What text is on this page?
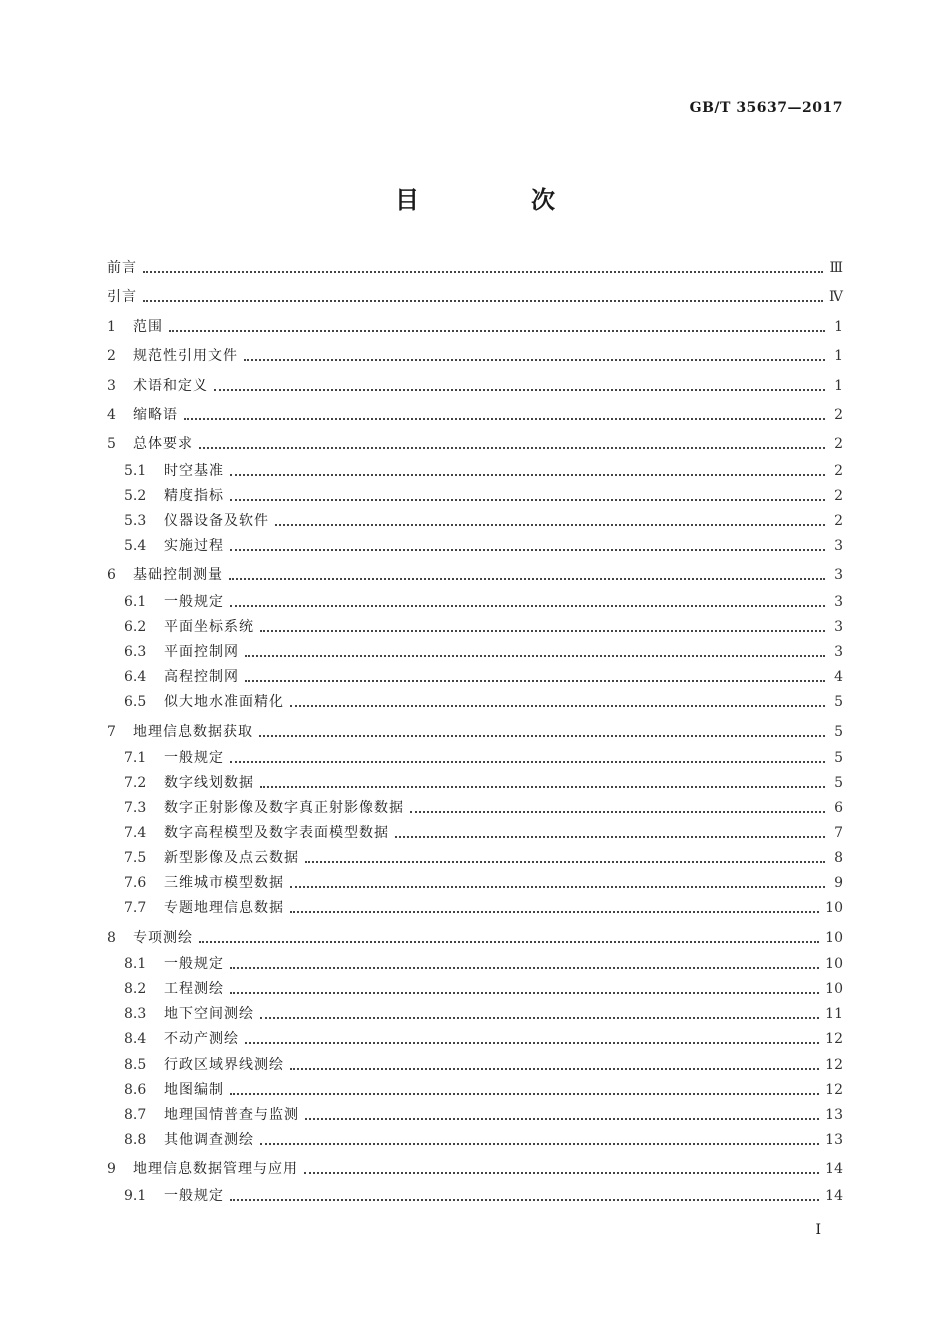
GB/T 35637—2017
目　次
前言	Ⅲ
引言	Ⅳ
1	范围	1
2	规范性引用文件	1
3	术语和定义	1
4	缩略语	2
5	总体要求	2
5.1	时空基准	2
5.2	精度指标	2
5.3	仪器设备及软件	2
5.4	实施过程	3
6	基础控制测量	3
6.1	一般规定	3
6.2	平面坐标系统	3
6.3	平面控制网	3
6.4	高程控制网	4
6.5	似大地水准面精化	5
7	地理信息数据获取	5
7.1	一般规定	5
7.2	数字线划数据	5
7.3	数字正射影像及数字真正射影像数据	6
7.4	数字高程模型及数字表面模型数据	7
7.5	新型影像及点云数据	8
7.6	三维城市模型数据	9
7.7	专题地理信息数据	10
8	专项测绘	10
8.1	一般规定	10
8.2	工程测绘	10
8.3	地下空间测绘	11
8.4	不动产测绘	12
8.5	行政区域界线测绘	12
8.6	地图编制	12
8.7	地理国情普查与监测	13
8.8	其他调查测绘	13
9	地理信息数据管理与应用	14
9.1	一般规定	14
I
